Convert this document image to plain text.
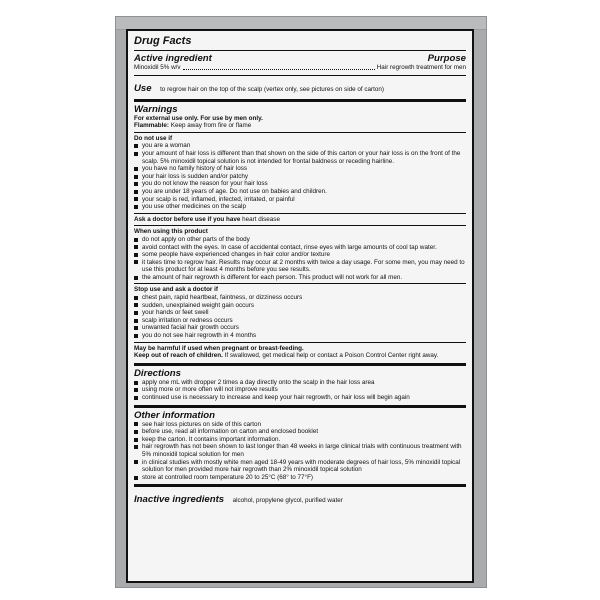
Drug Facts
Active ingredient	Purpose
Minoxidil 5% w/v	Hair regrowth treatment for men
Use to regrow hair on the top of the scalp (vertex only, see pictures on side of carton)
Warnings
For external use only. For use by men only.
Flammable: Keep away from fire or flame
Do not use if
you are a woman
your amount of hair loss is different than that shown on the side of this carton or your hair loss is on the front of the scalp. 5% minoxidil topical solution is not intended for frontal baldness or receding hairline.
you have no family history of hair loss
your hair loss is sudden and/or patchy
you do not know the reason for your hair loss
you are under 18 years of age. Do not use on babies and children.
your scalp is red, inflamed, infected, irritated, or painful
you use other medicines on the scalp
Ask a doctor before use if you have heart disease
When using this product
do not apply on other parts of the body
avoid contact with the eyes. In case of accidental contact, rinse eyes with large amounts of cool tap water.
some people have experienced changes in hair color and/or texture
it takes time to regrow hair. Results may occur at 2 months with twice a day usage. For some men, you may need to use this product for at least 4 months before you see results.
the amount of hair regrowth is different for each person. This product will not work for all men.
Stop use and ask a doctor if
chest pain, rapid heartbeat, faintness, or dizziness occurs
sudden, unexplained weight gain occurs
your hands or feet swell
scalp irritation or redness occurs
unwanted facial hair growth occurs
you do not see hair regrowth in 4 months
May be harmful if used when pregnant or breast-feeding.
Keep out of reach of children. If swallowed, get medical help or contact a Poison Control Center right away.
Directions
apply one mL with dropper 2 times a day directly onto the scalp in the hair loss area
using more or more often will not improve results
continued use is necessary to increase and keep your hair regrowth, or hair loss will begin again
Other information
see hair loss pictures on side of this carton
before use, read all information on carton and enclosed booklet
keep the carton. It contains important information.
hair regrowth has not been shown to last longer than 48 weeks in large clinical trials with continuous treatment with 5% minoxidil topical solution for men
in clinical studies with mostly white men aged 18-49 years with moderate degrees of hair loss, 5% minoxidil topical solution for men provided more hair regrowth than 2% minoxidil topical solution
store at controlled room temperature 20 to 25°C (68° to 77°F)
Inactive ingredients alcohol, propylene glycol, purified water
